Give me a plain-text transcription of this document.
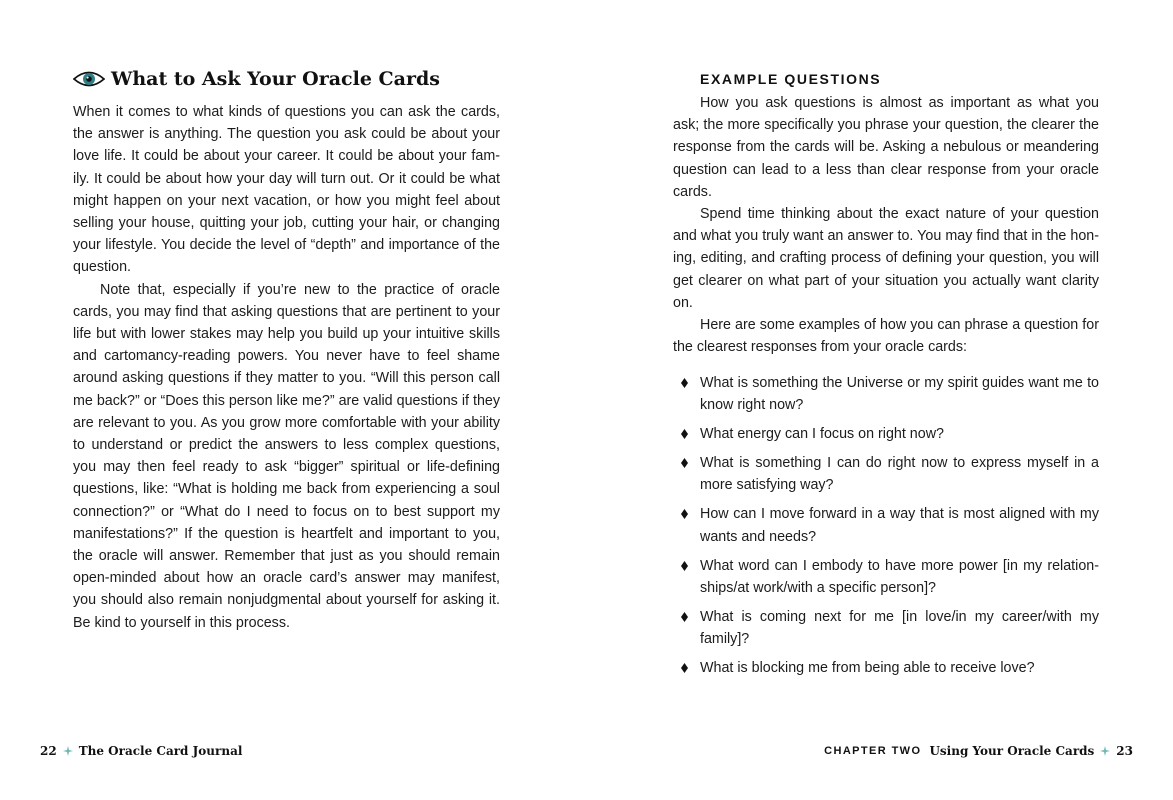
What to Ask Your Oracle Cards

When it comes to what kinds of questions you can ask the cards, the answer is anything. The question you ask could be about your love life. It could be about your career. It could be about your fam-ily. It could be about how your day will turn out. Or it could be what might happen on your next vacation, or how you might feel about selling your house, quitting your job, cutting your hair, or changing your lifestyle. You decide the level of “depth” and importance of the question.

Note that, especially if you’re new to the practice of oracle cards, you may find that asking questions that are pertinent to your life but with lower stakes may help you build up your intuitive skills and cartomancy-reading powers. You never have to feel shame around asking questions if they matter to you. “Will this person call me back?” or “Does this person like me?” are valid questions if they are relevant to you. As you grow more comfortable with your ability to understand or predict the answers to less complex questions, you may then feel ready to ask “bigger” spiritual or life-defining questions, like: “What is holding me back from experiencing a soul connection?” or “What do I need to focus on to best support my manifestations?” If the question is heartfelt and important to you, the oracle will answer. Remember that just as you should remain open-minded about how an oracle card’s answer may manifest, you should also remain nonjudgmental about yourself for asking it. Be kind to yourself in this process.

22 The Oracle Card Journal
EXAMPLE QUESTIONS

How you ask questions is almost as important as what you ask; the more specifically you phrase your question, the clearer the response from the cards will be. Asking a nebulous or meandering question can lead to a less than clear response from your oracle cards.

Spend time thinking about the exact nature of your question and what you truly want an answer to. You may find that in the hon-ing, editing, and crafting process of defining your question, you will get clearer on what part of your situation you actually want clarity on.

Here are some examples of how you can phrase a question for the clearest responses from your oracle cards:

What is something the Universe or my spirit guides want me to know right now?
What energy can I focus on right now?
What is something I can do right now to express myself in a more satisfying way?
How can I move forward in a way that is most aligned with my wants and needs?
What word can I embody to have more power [in my relation-ships/at work/with a specific person]?
What is coming next for me [in love/in my career/with my family]?
What is blocking me from being able to receive love?
CHAPTER TWO Using Your Oracle Cards 23
